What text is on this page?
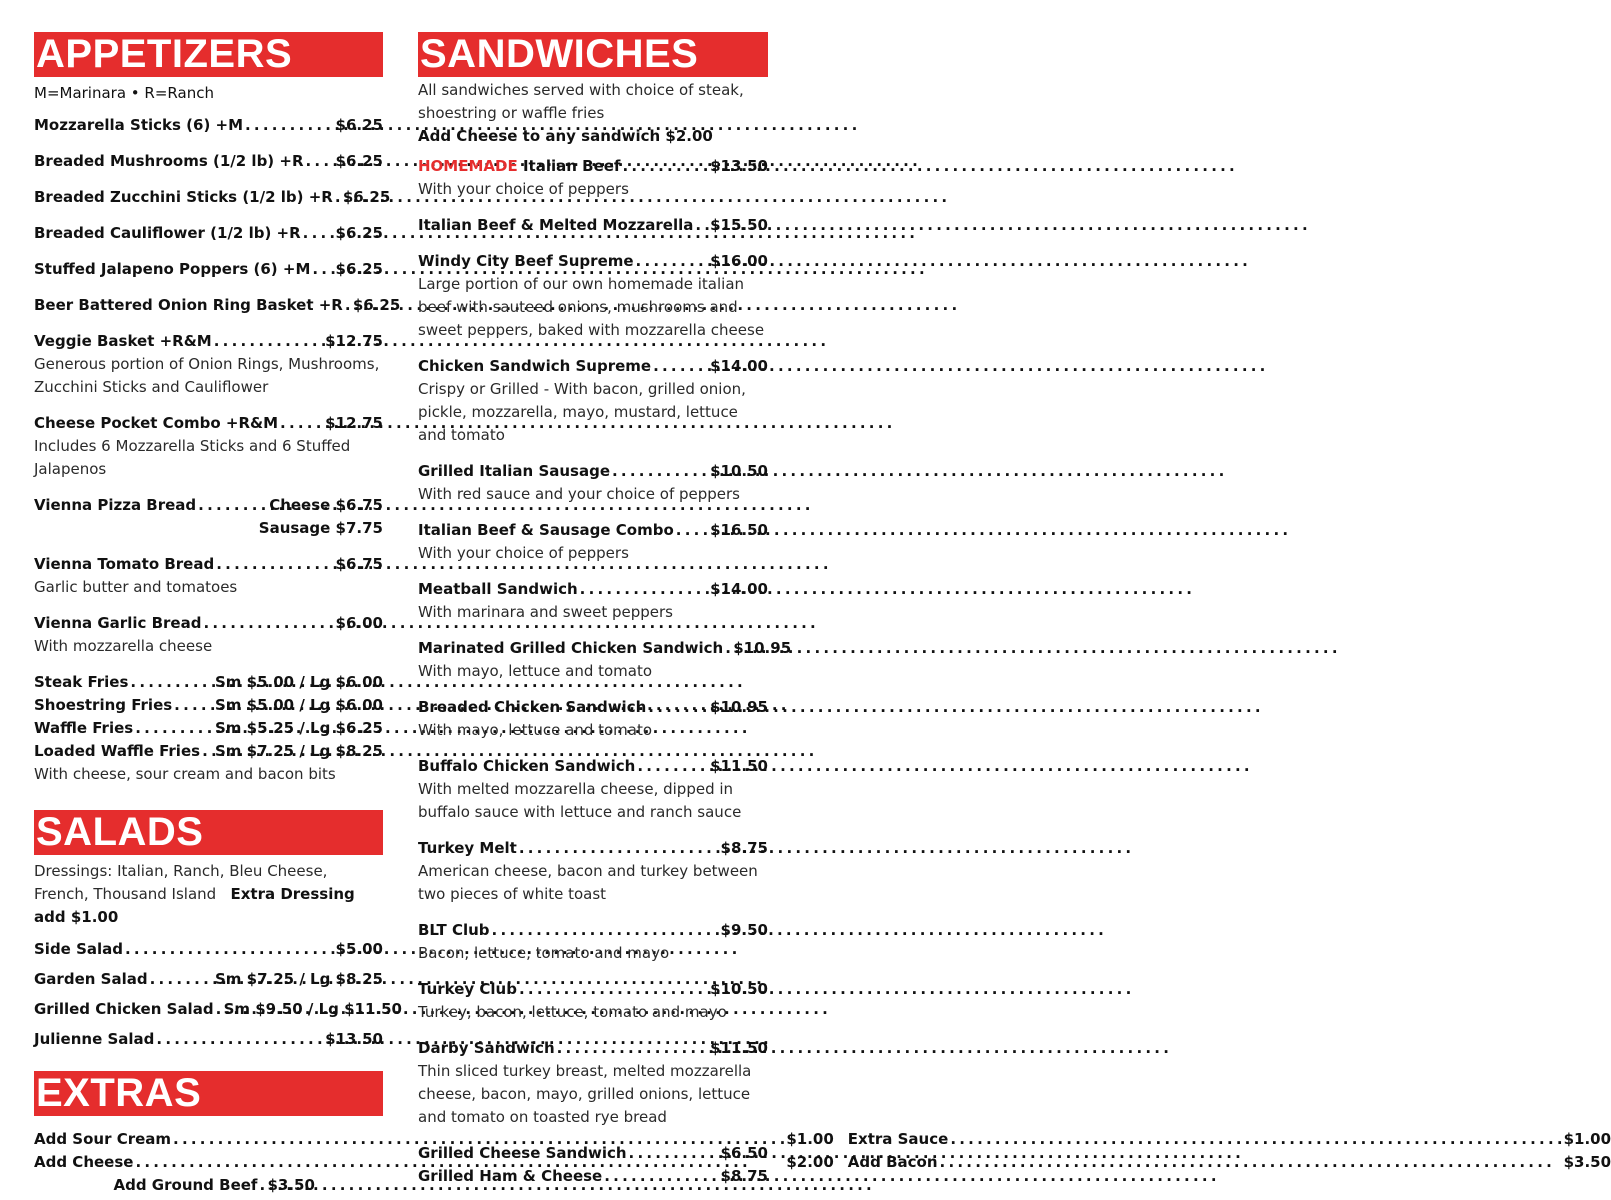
APPETIZERS
M=Marinara • R=Ranch
Mozzarella Sticks (6) +M . . .	$6.25
Breaded Mushrooms (1/2 lb) +R . . . $6.25
Breaded Zucchini Sticks (1/2 lb) +R . . . $6.25
Breaded Cauliflower (1/2 lb) +R . . . $6.25
Stuffed Jalapeno Poppers (6) +M . . . $6.25
Beer Battered Onion Ring Basket +R . . . $6.25
Veggie Basket +R&M . . .	$12.75
Generous portion of Onion Rings, Mushrooms, Zucchini Sticks and Cauliflower
Cheese Pocket Combo +R&M . . .	$12.75
Includes 6 Mozzarella Sticks and 6 Stuffed Jalapenos
Vienna Pizza Bread . . .	Cheese $6.75
Sausage $7.75
Vienna Tomato Bread . . .	$6.75
Garlic butter and tomatoes
Vienna Garlic Bread . . .	$6.00
With mozzarella cheese
Steak Fries . . .	Sm $5.00 / Lg $6.00
Shoestring Fries . . .	Sm $5.00 / Lg $6.00
Waffle Fries . . .	Sm $5.25 / Lg $6.25
Loaded Waffle Fries . . . Sm $7.25 / Lg $8.25
With cheese, sour cream and bacon bits
SALADS
Dressings: Italian, Ranch, Bleu Cheese, French, Thousand Island Extra Dressing add $1.00
Side Salad . . .	$5.00
Garden Salad . . .	Sm $7.25 / Lg $8.25
Grilled Chicken Salad . . . Sm $9.50 / Lg $11.50
Julienne Salad . . .	$13.50
EXTRAS
Add Sour Cream . . .	$1.00 Extra Sauce . . .	$1.00
Add Cheese . . .	$2.00 Add Bacon . . .	$3.50
Add Ground Beef . . . $3.50
SANDWICHES
All sandwiches served with choice of steak, shoestring or waffle fries
Add Cheese to any sandwich $2.00
HOMEMADE Italian Beef . . .	$13.50
With your choice of peppers
Italian Beef & Melted Mozzarella . . . $15.50
Windy City Beef Supreme . . .	$16.00
Large portion of our own homemade italian beef with sauteed onions, mushrooms and sweet peppers, baked with mozzarella cheese
Chicken Sandwich Supreme . . .	$14.00
Crispy or Grilled - With bacon, grilled onion, pickle, mozzarella, mayo, mustard, lettuce and tomato
Grilled Italian Sausage . . .	$10.50
With red sauce and your choice of peppers
Italian Beef & Sausage Combo . . . $16.50
With your choice of peppers
Meatball Sandwich . . .	$14.00
With marinara and sweet peppers
Marinated Grilled Chicken Sandwich . . . $10.95
With mayo, lettuce and tomato
Breaded Chicken Sandwich . . .	$10.95
With mayo, lettuce and tomato
Buffalo Chicken Sandwich . . .	$11.50
With melted mozzarella cheese, dipped in buffalo sauce with lettuce and ranch sauce
Turkey Melt . . .	$8.75
American cheese, bacon and turkey between two pieces of white toast
BLT Club . . .	$9.50
Bacon, lettuce, tomato and mayo
Turkey Club . . .	$10.50
Turkey, bacon, lettuce, tomato and mayo
Darby Sandwich . . .	$11.50
Thin sliced turkey breast, melted mozzarella cheese, bacon, mayo, grilled onions, lettuce and tomato on toasted rye bread
Grilled Cheese Sandwich . . .	$6.50
Grilled Ham & Cheese . . .	$8.75
